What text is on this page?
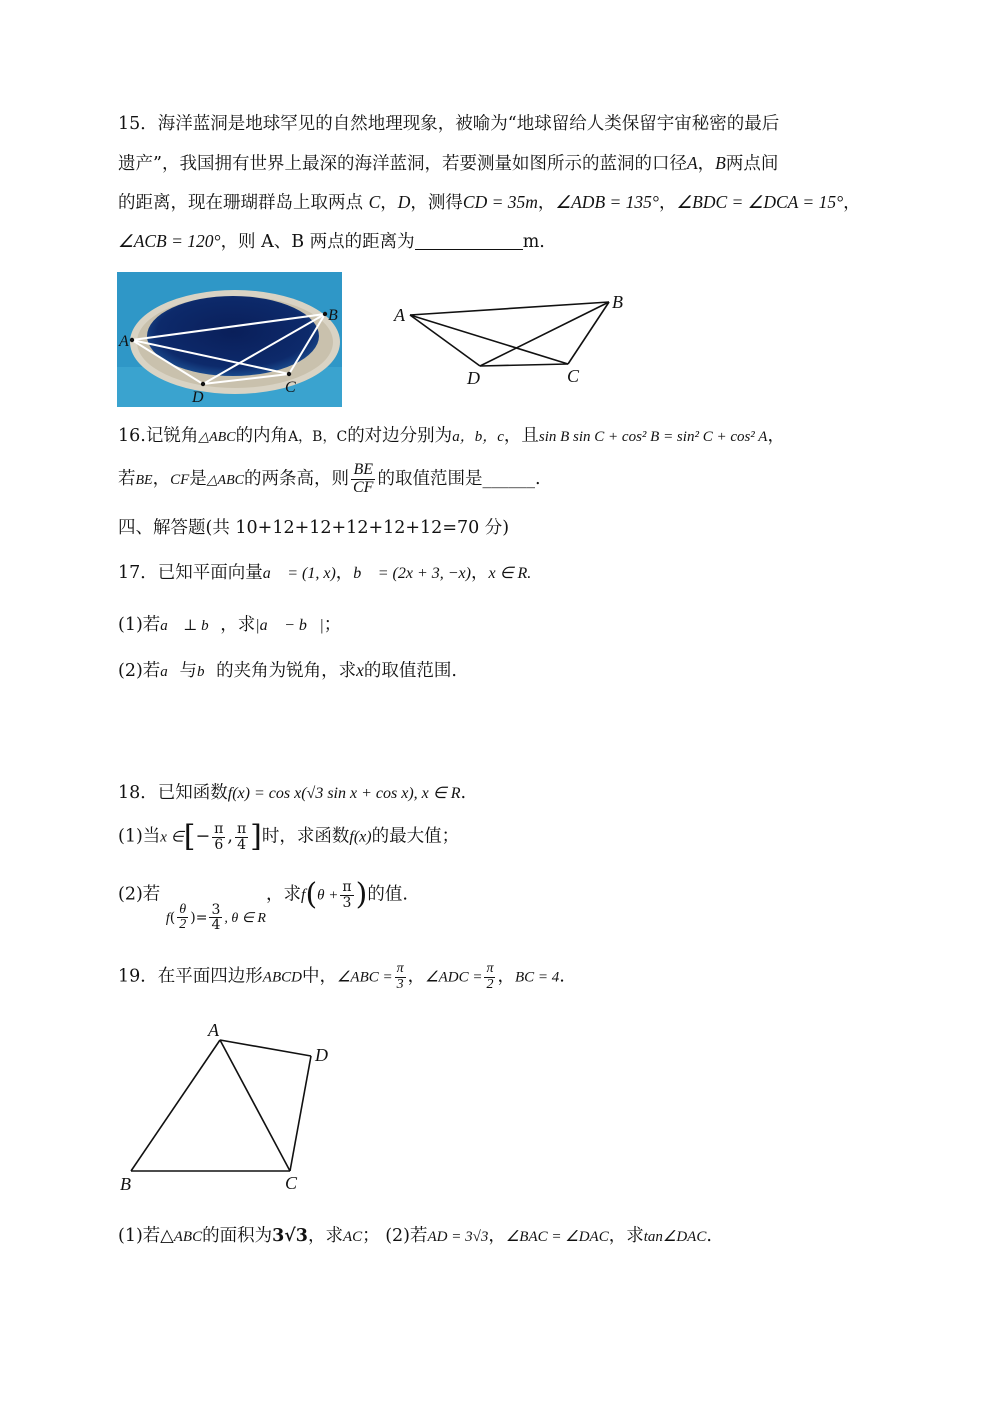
15．海洋蓝洞是地球罕见的自然地理现象，被喻为“地球留给人类保留宇宙秘密的最后
遗产”，我国拥有世界上最深的海洋蓝洞，若要测量如图所示的蓝洞的口径A，B两点间
的距离，现在珊瑚群岛上取两点 C，D，测得CD = 35m，∠ADB = 135°，∠BDC = ∠DCA = 15°，
∠ACB = 120°，则 A、B 两点的距离为	m.
A
B
C
D
A
B
C
D
16.记锐角△ABC的内角A，B，C的对边分别为a，b，c，且sin B sin C + cos² B = sin² C + cos² A，
若BE，CF是△ABC的两条高，则 $\frac{BE}{CF}$ 的取值范围是______.
四、解答题(共 10+12+12+12+12+12=70 分)
17．已知平面向量a⃗ = (1, x)，b⃗ = (2x + 3, −x)，x ∈ R.
(1)若a⃗ ⊥ b⃗，求|a⃗ − b⃗|；
(2)若a⃗与b⃗的夹角为锐角，求x的取值范围.
18．已知函数f(x) = cos x(√3 sin x + cos x), x ∈ R.
(1)当x ∈[− $\frac{\pi}{6}$ , $\frac{\pi}{4}$ ]时，求函数f(x)的最大值；
(2)若 $f( \frac{\theta}{2}$ )= $\frac{3}{4}$ , θ ∈ R，求$f(\theta + \frac{\pi}{3}$ )的值.
19．在平面四边形ABCD中，∠ABC = $\frac{\pi}{3}$ ，∠ADC = $\frac{\pi}{2}$ ，BC = 4.
A
B	C
D
(1)若△ABC的面积为3√3，求AC； (2)若AD = 3√3，∠BAC = ∠DAC，求tan∠DAC.
